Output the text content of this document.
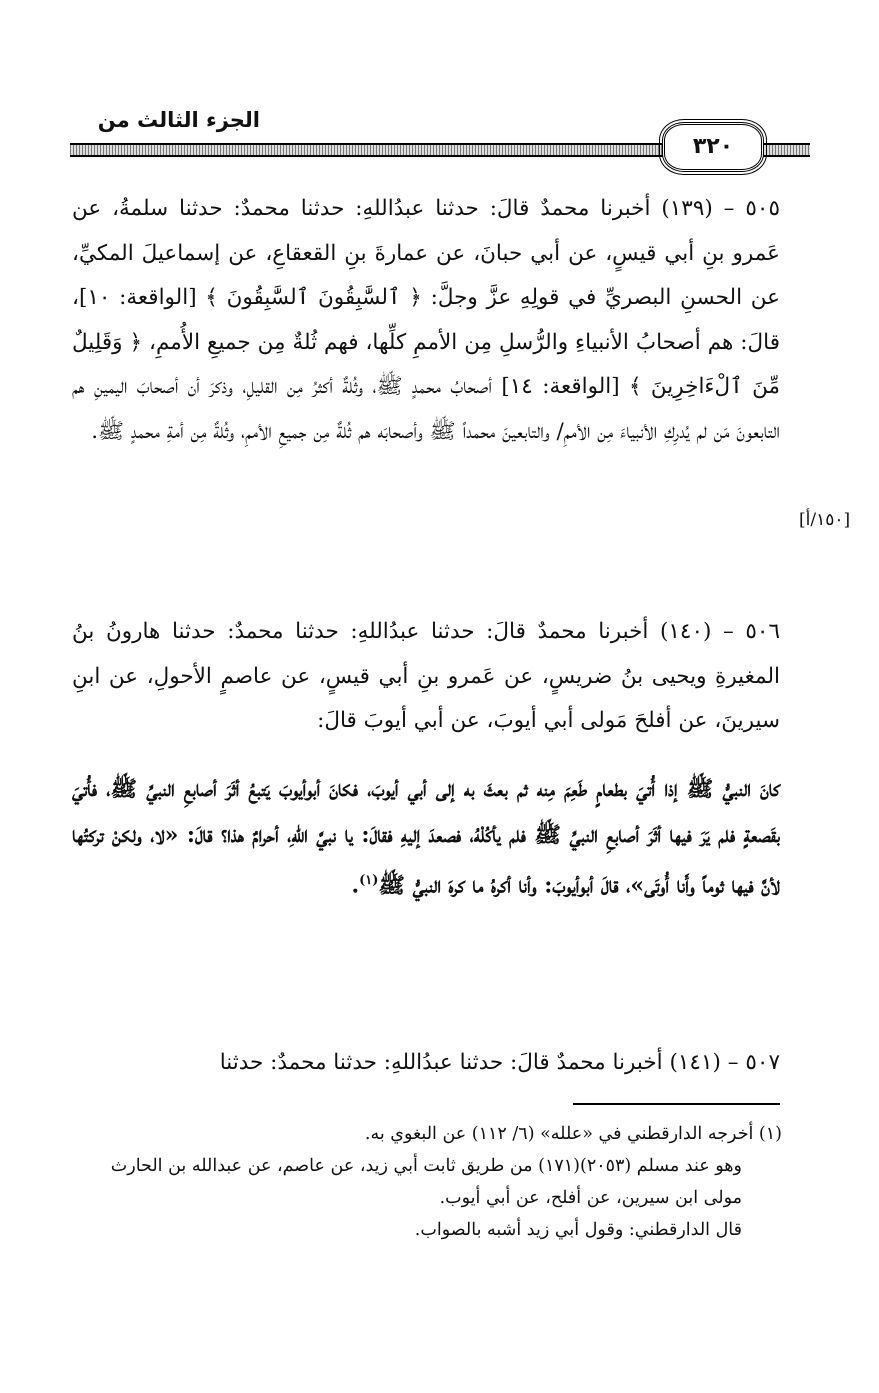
الجزء الثالث من
٣٢٠

٥٠٥ – (١٣٩) أخبرنا محمدٌ قالَ: حدثنا عبدُاللهِ: حدثنا محمدٌ: حدثنا سلمةُ، عن عَمرو بنِ أبي قيسٍ، عن أبي حبانَ، عن عمارةَ بنِ القعقاعِ، عن إسماعيلَ المكيِّ، عن الحسنِ البصريِّ في قولِهِ عزَّ وجلَّ: ﴿ ٱلسَّٰبِقُونَ ٱلسَّٰبِقُونَ ﴾ [الواقعة: ١٠]، قالَ: هم أصحابُ الأنبياءِ والرُّسلِ مِن الأممِ كلِّها، فهم ثُلةٌ مِن جميعِ الأُممِ، ﴿ وَقَلِيلٌ مِّنَ ٱلْءَاخِرِينَ ﴾ [الواقعة: ١٤] أصحابُ محمدٍ ﷺ، وثُلةٌ أكثرُ مِن القليلِ، وذكرَ أن أصحابَ اليمينِ هم التابعونَ مَن لم يُدرِكِ الأنبياءَ مِن الأممِ/ والتابعينَ محمداً ﷺ وأصحابَه هم ثُلةٌ مِن جميعِ الأممِ، وثُلةٌ مِن أمةِ محمدٍ ﷺ.

[١٥٠/أ]

٥٠٦ – (١٤٠) أخبرنا محمدٌ قالَ: حدثنا عبدُاللهِ: حدثنا محمدٌ: حدثنا هارونُ بنُ المغيرةِ ويحيى بنُ ضريسٍ، عن عَمرو بنِ أبي قيسٍ، عن عاصمٍ الأحولِ، عن ابنِ سيرينَ، عن أفلحَ مَولى أبي أيوبَ، عن أبي أيوبَ قالَ:

كانَ النبيُّ ﷺ إذا أُتيَ بطعامٍ طَعِمَ مِنه ثم بعثَ به إلى أبي أيوبَ، فكانَ أبوأيوبَ يَتبعُ أثَرَ أصابعِ النبيِّ ﷺ، فأُتيَ بقَصعةٍ فلم يَرَ فيها أثَرَ أصابعِ النبيِّ ﷺ فلم يأكُلْهُ، فصعدَ إليهِ فقالَ: يا نبيَّ اللهِ، أحرامٌ هذا؟ قالَ: «لا، ولكنْ تركتُها لأنَّ فيها ثوماً وأَنا أُوتَى»، قالَ أبوأيوبَ: وأنا أكرهُ ما كرهَ النبيُّ ﷺ$^{(١)}$.

٥٠٧ – (١٤١) أخبرنا محمدٌ قالَ: حدثنا عبدُاللهِ: حدثنا محمدٌ: حدثنا

(١) أخرجه الدارقطني في «علله» (٦/ ١١٢) عن البغوي به.

وهو عند مسلم (٢٠٥٣)(١٧١) من طريق ثابت أبي زيد، عن عاصم، عن عبدالله بن الحارث مولى ابن سيرين، عن أفلح، عن أبي أيوب.

قال الدارقطني: وقول أبي زيد أشبه بالصواب.
